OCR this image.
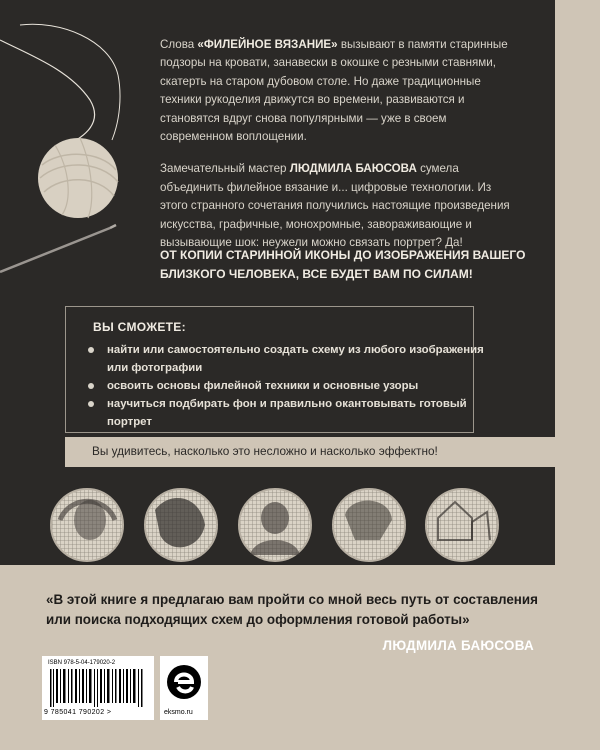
Слова «ФИЛЕЙНОЕ ВЯЗАНИЕ» вызывают в памяти старинные подзоры на кровати, занавески в окошке с резными ставнями, скатерть на старом дубовом столе. Но даже традиционные техники рукоделия движутся во времени, развиваются и становятся вдруг снова популярными — уже в своем современном воплощении.

Замечательный мастер ЛЮДМИЛА БАЮСОВА сумела объединить филейное вязание и... цифровые технологии. Из этого странного сочетания получились настоящие произведения искусства, графичные, монохромные, завораживающие и вызывающие шок: неужели можно связать портрет? Да!

ОТ КОПИИ СТАРИННОЙ ИКОНЫ ДО ИЗОБРАЖЕНИЯ ВАШЕГО БЛИЗКОГО ЧЕЛОВЕКА, ВСЕ БУДЕТ ВАМ ПО СИЛАМ!
ВЫ СМОЖЕТЕ:
найти или самостоятельно создать схему из любого изображения или фотографии
освоить основы филейной техники и основные узоры
научиться подбирать фон и правильно окантовывать готовый портрет
Вы удивитесь, насколько это несложно и насколько эффектно!
«В этой книге я предлагаю вам пройти со мной весь путь от составления или поиска подходящих схем до оформления готовой работы»
ЛЮДМИЛА БАЮСОВА
ISBN 978-5-04-179020-2
9 785041 790202 >	eksmo.ru
